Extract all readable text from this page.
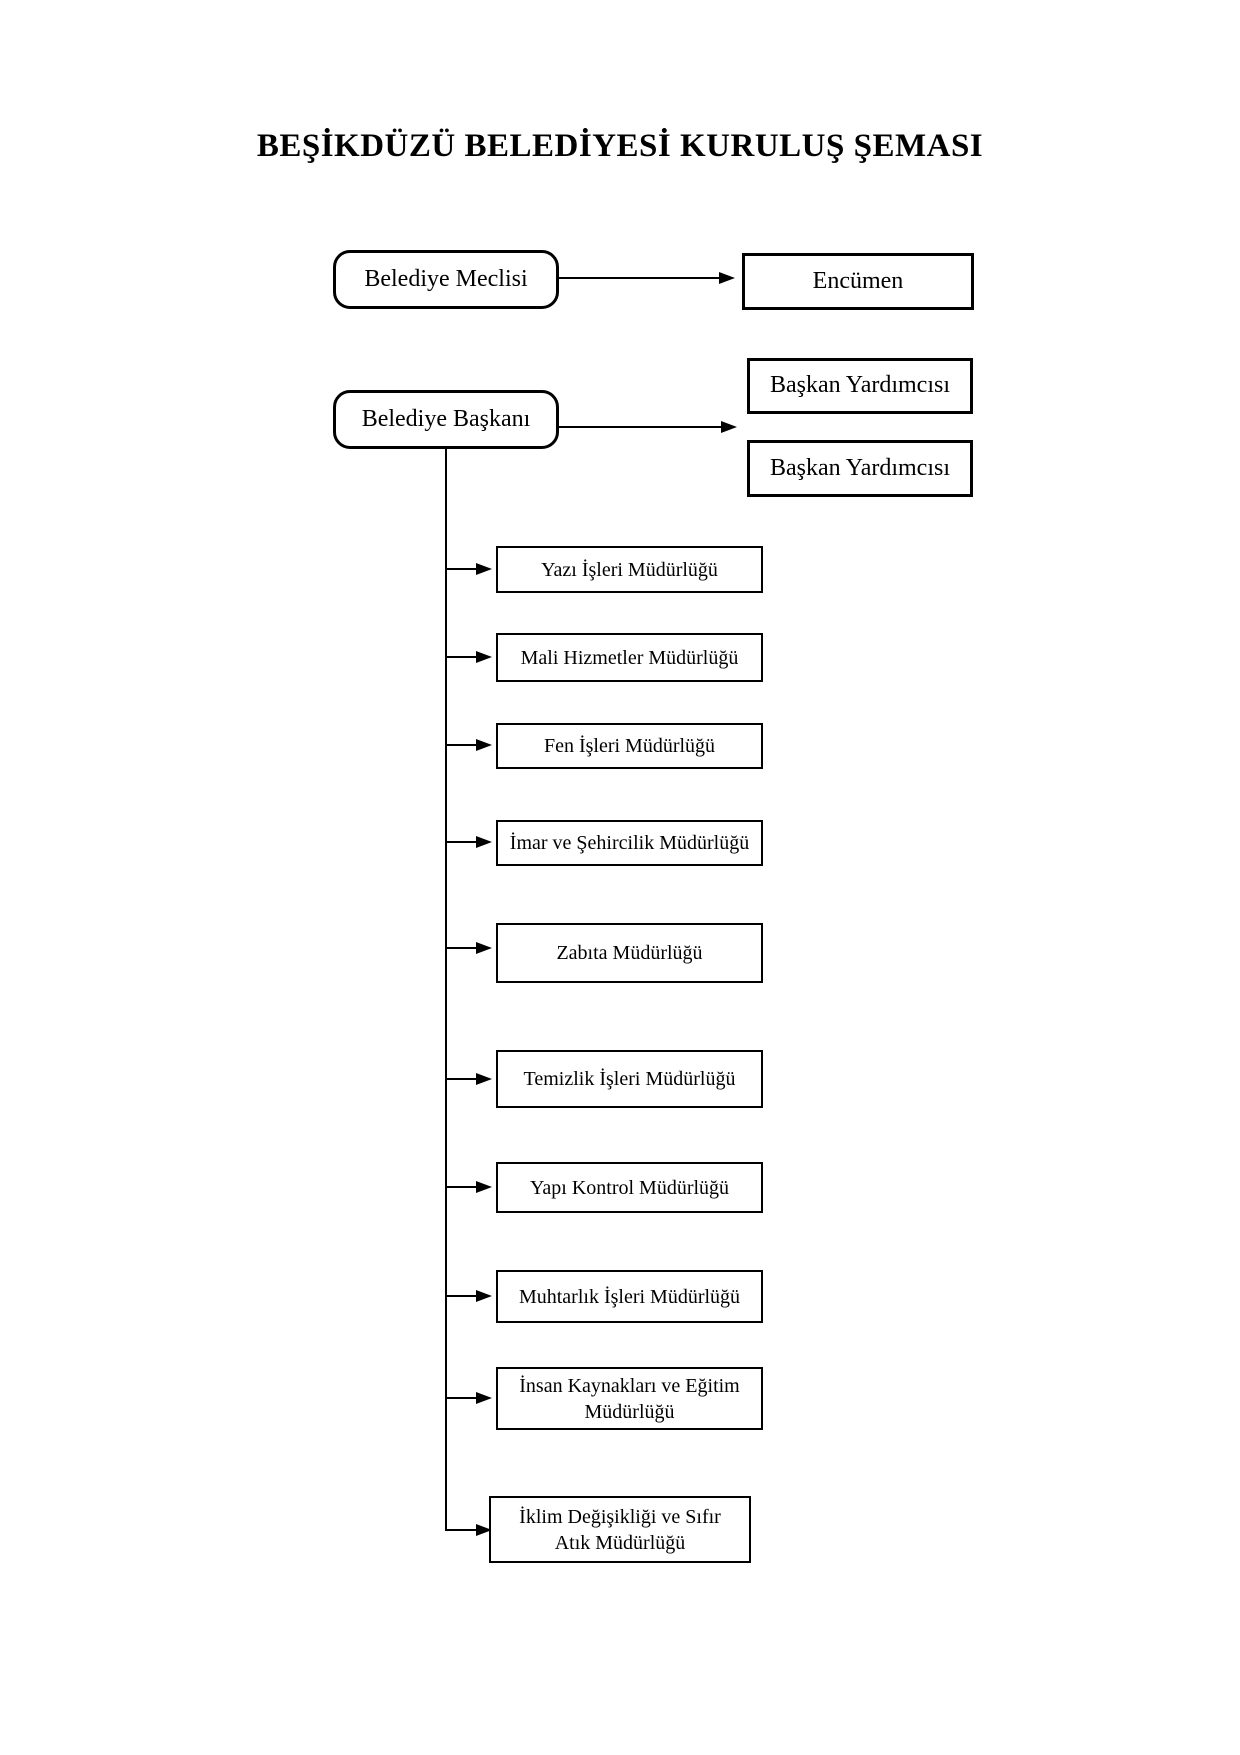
BEŞİKDÜZÜ BELEDİYESİ KURULUŞ ŞEMASI
Belediye Meclisi	Encümen
Belediye Başkanı
Başkan Yardımcısı
Başkan Yardımcısı
Yazı İşleri Müdürlüğü
Mali Hizmetler Müdürlüğü
Fen İşleri Müdürlüğü
İmar ve Şehircilik Müdürlüğü
Zabıta Müdürlüğü
Temizlik İşleri Müdürlüğü
Yapı Kontrol Müdürlüğü
Muhtarlık İşleri Müdürlüğü
İnsan Kaynakları ve Eğitim
Müdürlüğü
İklim Değişikliği ve Sıfır
Atık Müdürlüğü
